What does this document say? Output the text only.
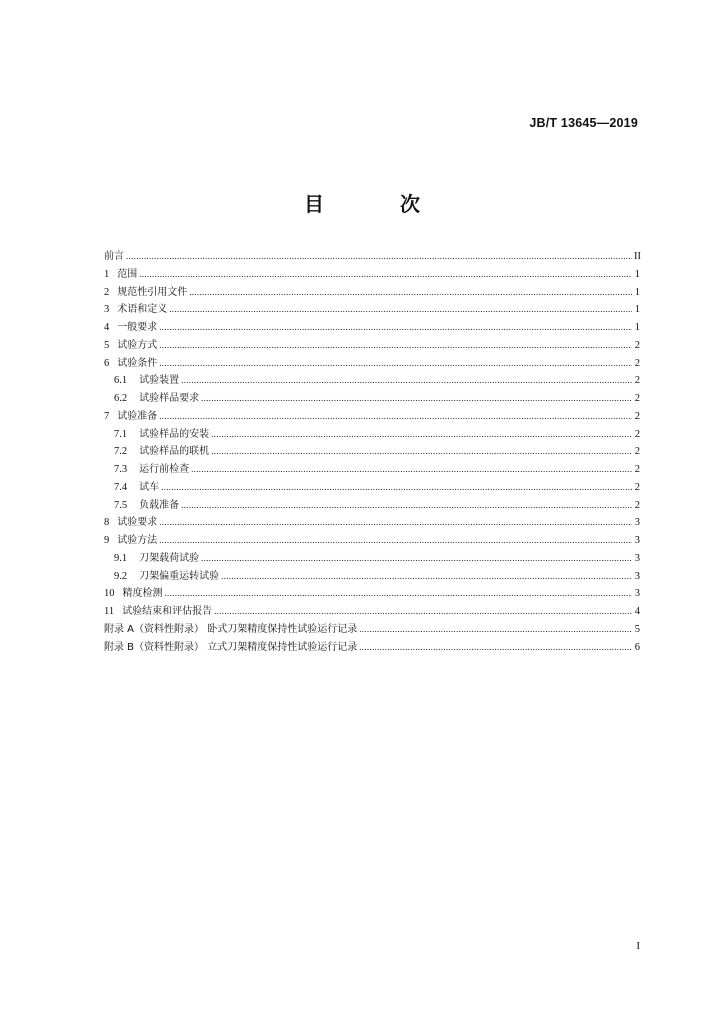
JB/T 13645—2019
目　次
前言 .....	II
1 范围 .....	1
2 规范性引用文件 .....	1
3 术语和定义 .....	1
4 一般要求 .....	1
5 试验方式 .....	2
6 试验条件 .....	2
6.1 试验装置 .....	2
6.2 试验样品要求 .....	2
7 试验准备 .....	2
7.1 试验样品的安装 .....	2
7.2 试验样品的联机 .....	2
7.3 运行前检查 .....	2
7.4 试车 .....	2
7.5 负载准备 .....	2
8 试验要求 .....	3
9 试验方法 .....	3
9.1 刀架载荷试验 .....	3
9.2 刀架偏重运转试验 .....	3
10 精度检测 .....	3
11 试验结束和评估报告 .....	4
附录 A（资料性附录） 卧式刀架精度保持性试验运行记录 .....	5
附录 B（资料性附录） 立式刀架精度保持性试验运行记录 .....	6
I
